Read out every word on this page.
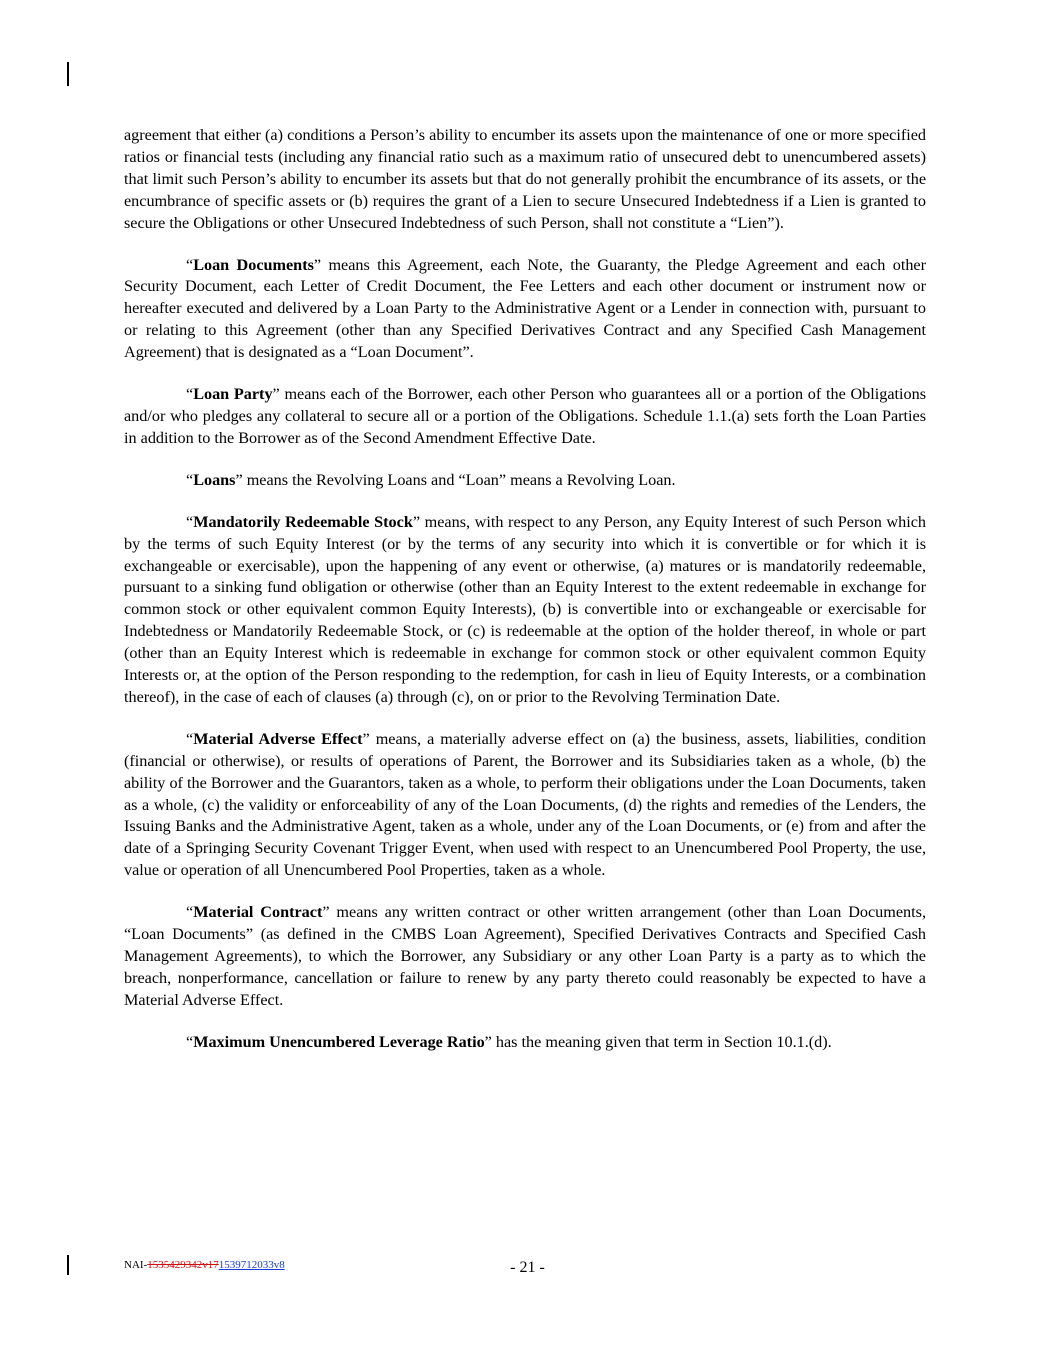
agreement that either (a) conditions a Person’s ability to encumber its assets upon the maintenance of one or more specified ratios or financial tests (including any financial ratio such as a maximum ratio of unsecured debt to unencumbered assets) that limit such Person’s ability to encumber its assets but that do not generally prohibit the encumbrance of its assets, or the encumbrance of specific assets or (b) requires the grant of a Lien to secure Unsecured Indebtedness if a Lien is granted to secure the Obligations or other Unsecured Indebtedness of such Person, shall not constitute a “Lien”).

“Loan Documents” means this Agreement, each Note, the Guaranty, the Pledge Agreement and each other Security Document, each Letter of Credit Document, the Fee Letters and each other document or instrument now or hereafter executed and delivered by a Loan Party to the Administrative Agent or a Lender in connection with, pursuant to or relating to this Agreement (other than any Specified Derivatives Contract and any Specified Cash Management Agreement) that is designated as a “Loan Document”.

“Loan Party” means each of the Borrower, each other Person who guarantees all or a portion of the Obligations and/or who pledges any collateral to secure all or a portion of the Obligations. Schedule 1.1.(a) sets forth the Loan Parties in addition to the Borrower as of the Second Amendment Effective Date.

“Loans” means the Revolving Loans and “Loan” means a Revolving Loan.

“Mandatorily Redeemable Stock” means, with respect to any Person, any Equity Interest of such Person which by the terms of such Equity Interest (or by the terms of any security into which it is convertible or for which it is exchangeable or exercisable), upon the happening of any event or otherwise, (a) matures or is mandatorily redeemable, pursuant to a sinking fund obligation or otherwise (other than an Equity Interest to the extent redeemable in exchange for common stock or other equivalent common Equity Interests), (b) is convertible into or exchangeable or exercisable for Indebtedness or Mandatorily Redeemable Stock, or (c) is redeemable at the option of the holder thereof, in whole or part (other than an Equity Interest which is redeemable in exchange for common stock or other equivalent common Equity Interests or, at the option of the Person responding to the redemption, for cash in lieu of Equity Interests, or a combination thereof), in the case of each of clauses (a) through (c), on or prior to the Revolving Termination Date.

“Material Adverse Effect” means, a materially adverse effect on (a) the business, assets, liabilities, condition (financial or otherwise), or results of operations of Parent, the Borrower and its Subsidiaries taken as a whole, (b) the ability of the Borrower and the Guarantors, taken as a whole, to perform their obligations under the Loan Documents, taken as a whole, (c) the validity or enforceability of any of the Loan Documents, (d) the rights and remedies of the Lenders, the Issuing Banks and the Administrative Agent, taken as a whole, under any of the Loan Documents, or (e) from and after the date of a Springing Security Covenant Trigger Event, when used with respect to an Unencumbered Pool Property, the use, value or operation of all Unencumbered Pool Properties, taken as a whole.

“Material Contract” means any written contract or other written arrangement (other than Loan Documents, “Loan Documents” (as defined in the CMBS Loan Agreement), Specified Derivatives Contracts and Specified Cash Management Agreements), to which the Borrower, any Subsidiary or any other Loan Party is a party as to which the breach, nonperformance, cancellation or failure to renew by any party thereto could reasonably be expected to have a Material Adverse Effect.

“Maximum Unencumbered Leverage Ratio” has the meaning given that term in Section 10.1.(d).

NAI-1535429342v171539712033v8	- 21 -
